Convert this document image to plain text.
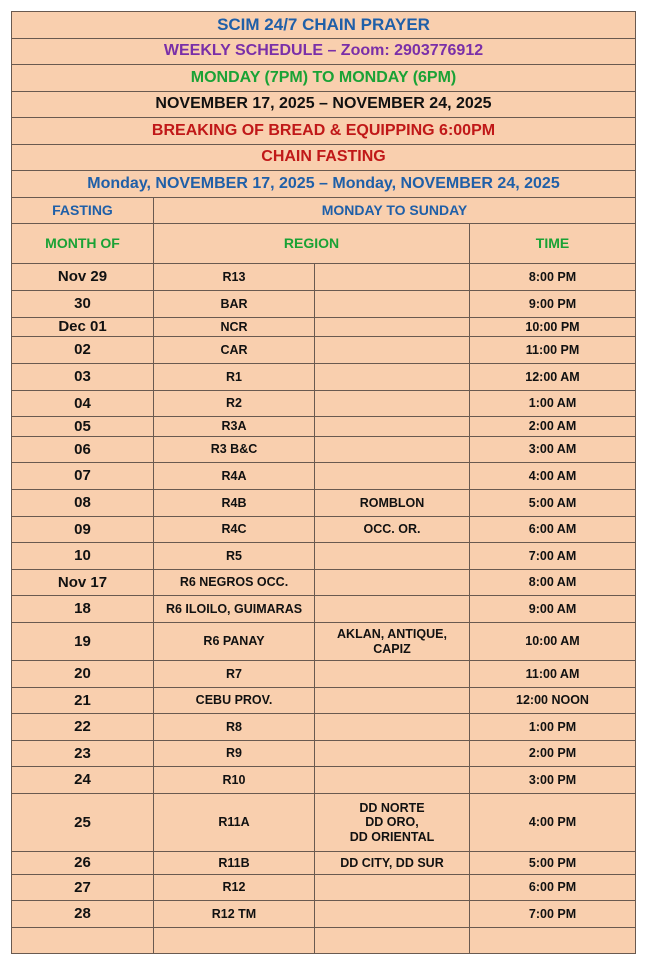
SCIM 24/7 CHAIN PRAYER			
WEEKLY SCHEDULE – Zoom: 2903776912			
MONDAY (7PM) TO MONDAY (6PM)			
NOVEMBER 17, 2025 – NOVEMBER 24, 2025			
BREAKING OF BREAD & EQUIPPING 6:00PM			
CHAIN FASTING			
Monday, NOVEMBER 17, 2025 – Monday, NOVEMBER 24, 2025			
FASTING	MONDAY TO SUNDAY		
MONTH OF	REGION		TIME
Nov 29	R13		8:00 PM
30	BAR		9:00 PM
Dec 01	NCR		10:00 PM
02	CAR		11:00 PM
03	R1		12:00 AM
04	R2		1:00 AM
05	R3A		2:00 AM
06	R3 B&C		3:00 AM
07	R4A		4:00 AM
08	R4B	ROMBLON	5:00 AM
09	R4C	OCC. OR.	6:00 AM
10	R5		7:00 AM
Nov 17	R6 NEGROS OCC.		8:00 AM
18	R6 ILOILO, GUIMARAS		9:00 AM
19	R6 PANAY	AKLAN, ANTIQUE,
CAPIZ	10:00 AM
20	R7		11:00 AM
21	CEBU PROV.		12:00 NOON
22	R8		1:00 PM
23	R9		2:00 PM
24	R10		3:00 PM
25	R11A	DD NORTE
DD ORO,
DD ORIENTAL	4:00 PM
26	R11B	DD CITY, DD SUR	5:00 PM
27	R12		6:00 PM
28	R12 TM		7:00 PM
